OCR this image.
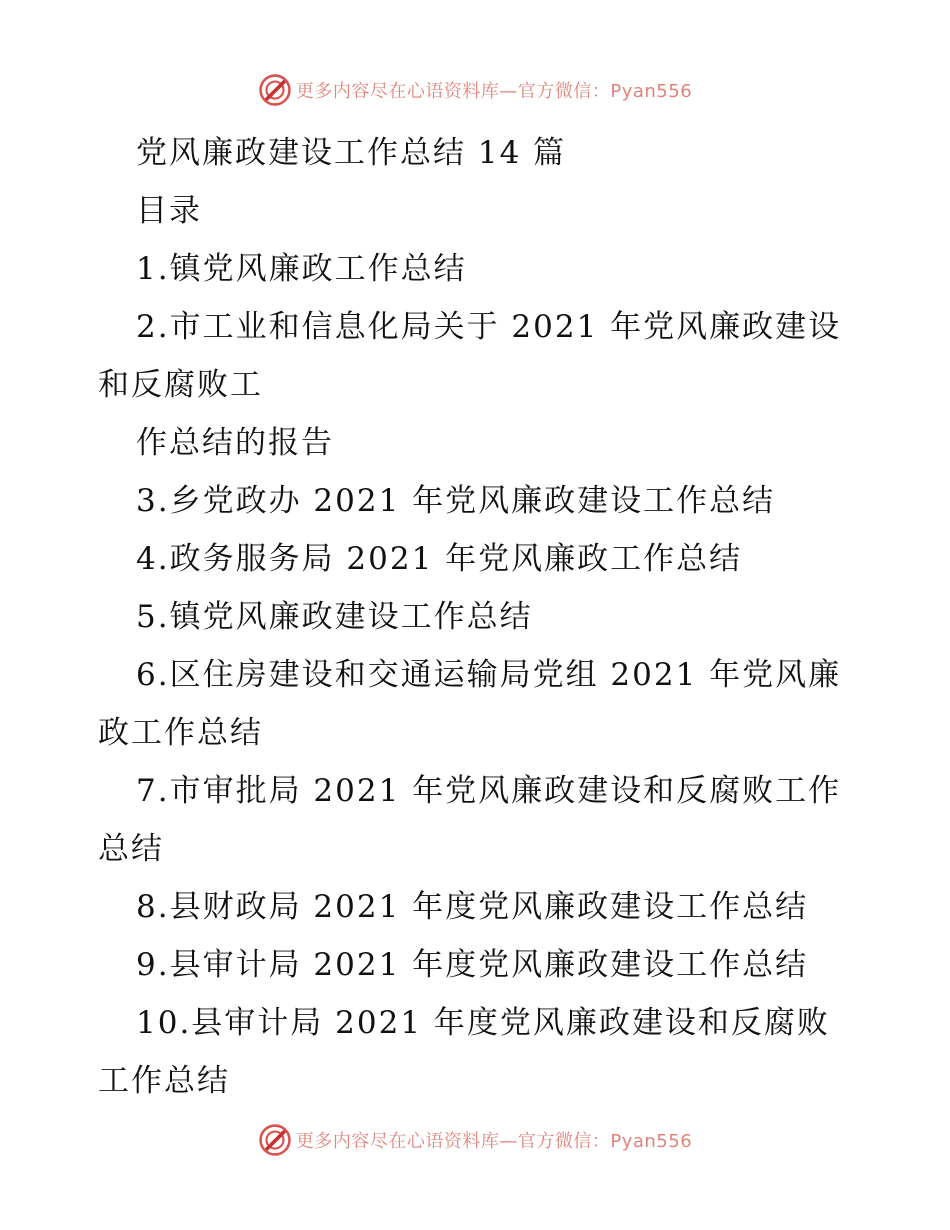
更多内容尽在心语资料库—官方微信：Pyan556
党风廉政建设工作总结 14 篇
目录
1.镇党风廉政工作总结
2.市工业和信息化局关于 2021 年党风廉政建设
和反腐败工
作总结的报告
3.乡党政办 2021 年党风廉政建设工作总结
4.政务服务局 2021 年党风廉政工作总结
5.镇党风廉政建设工作总结
6.区住房建设和交通运输局党组 2021 年党风廉
政工作总结
7.市审批局 2021 年党风廉政建设和反腐败工作
总结
8.县财政局 2021 年度党风廉政建设工作总结
9.县审计局 2021 年度党风廉政建设工作总结
10.县审计局 2021 年度党风廉政建设和反腐败
工作总结
更多内容尽在心语资料库—官方微信：Pyan556
